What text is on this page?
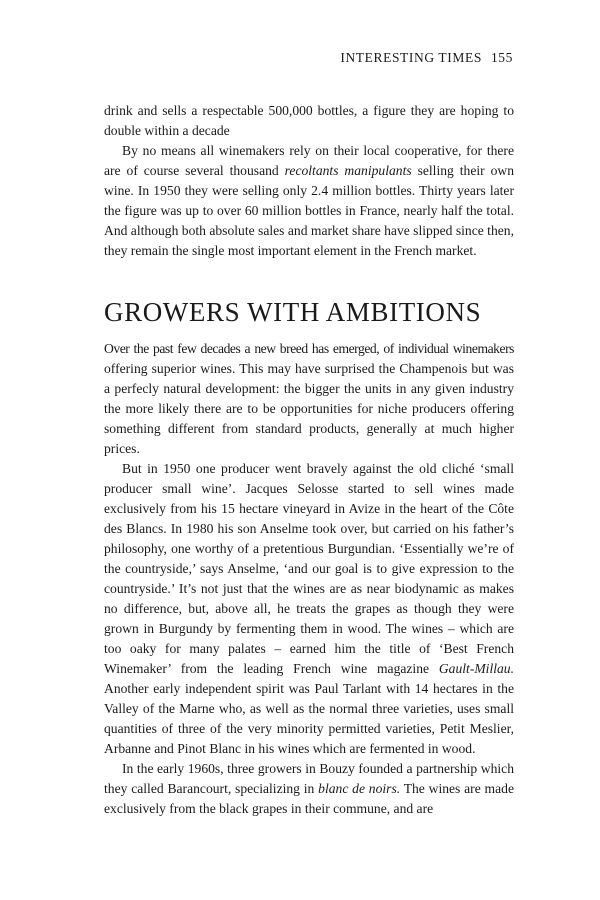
INTERESTING TIMES 155

drink and sells a respectable 500,000 bottles, a figure they are hoping to double within a decade

By no means all winemakers rely on their local cooperative, for there are of course several thousand recoltants manipulants selling their own wine. In 1950 they were selling only 2.4 million bottles. Thirty years later the figure was up to over 60 million bottles in France, nearly half the total. And although both absolute sales and market share have slipped since then, they remain the single most important element in the French market.

GROWERS WITH AMBITIONS

Over the past few decades a new breed has emerged, of individual winemakers offering superior wines. This may have surprised the Champenois but was a perfecly natural development: the bigger the units in any given industry the more likely there are to be opportunities for niche producers offering something different from standard products, generally at much higher prices.

But in 1950 one producer went bravely against the old cliché ‘small producer small wine’. Jacques Selosse started to sell wines made exclusively from his 15 hectare vineyard in Avize in the heart of the Côte des Blancs. In 1980 his son Anselme took over, but carried on his father’s philosophy, one worthy of a pretentious Burgundian. ‘Essentially we’re of the countryside,’ says Anselme, ‘and our goal is to give expression to the countryside.’ It’s not just that the wines are as near biodynamic as makes no difference, but, above all, he treats the grapes as though they were grown in Burgundy by fermenting them in wood. The wines – which are too oaky for many palates – earned him the title of ‘Best French Winemaker’ from the leading French wine magazine Gault-Millau. Another early independent spirit was Paul Tarlant with 14 hectares in the Valley of the Marne who, as well as the normal three varieties, uses small quantities of three of the very minority permitted varieties, Petit Meslier, Arbanne and Pinot Blanc in his wines which are fermented in wood.

In the early 1960s, three growers in Bouzy founded a partnership which they called Barancourt, specializing in blanc de noirs. The wines are made exclusively from the black grapes in their commune, and are
